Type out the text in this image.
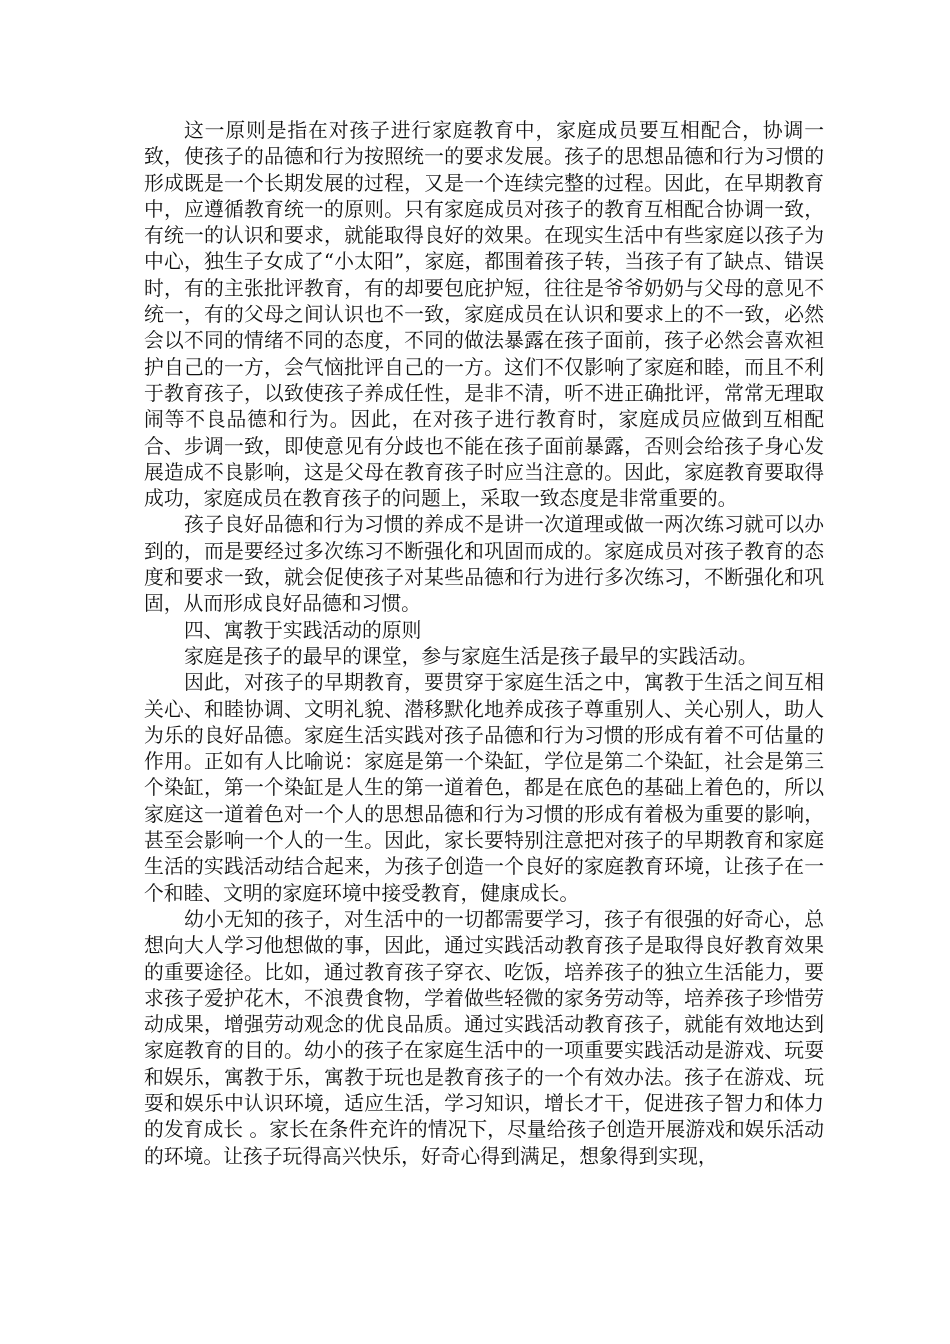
这一原则是指在对孩子进行家庭教育中，家庭成员要互相配合，协调一致，使孩子的品德和行为按照统一的要求发展。孩子的思想品德和行为习惯的形成既是一个长期发展的过程，又是一个连续完整的过程。因此，在早期教育中，应遵循教育统一的原则。只有家庭成员对孩子的教育互相配合协调一致，有统一的认识和要求，就能取得良好的效果。在现实生活中有些家庭以孩子为中心，独生子女成了“小太阳”，家庭，都围着孩子转，当孩子有了缺点、错误时，有的主张批评教育，有的却要包庇护短，往往是爷爷奶奶与父母的意见不统一，有的父母之间认识也不一致，家庭成员在认识和要求上的不一致，必然会以不同的情绪不同的态度，不同的做法暴露在孩子面前，孩子必然会喜欢袒护自己的一方，会气恼批评自己的一方。这们不仅影响了家庭和睦，而且不利于教育孩子，以致使孩子养成任性，是非不清，听不进正确批评，常常无理取闹等不良品德和行为。因此，在对孩子进行教育时，家庭成员应做到互相配合、步调一致，即使意见有分歧也不能在孩子面前暴露，否则会给孩子身心发展造成不良影响，这是父母在教育孩子时应当注意的。因此，家庭教育要取得成功，家庭成员在教育孩子的问题上，采取一致态度是非常重要的。

孩子良好品德和行为习惯的养成不是讲一次道理或做一两次练习就可以办到的，而是要经过多次练习不断强化和巩固而成的。家庭成员对孩子教育的态度和要求一致，就会促使孩子对某些品德和行为进行多次练习，不断强化和巩固，从而形成良好品德和习惯。

四、寓教于实践活动的原则

家庭是孩子的最早的课堂，参与家庭生活是孩子最早的实践活动。

因此，对孩子的早期教育，要贯穿于家庭生活之中，寓教于生活之间互相关心、和睦协调、文明礼貌、潜移默化地养成孩子尊重别人、关心别人，助人为乐的良好品德。家庭生活实践对孩子品德和行为习惯的形成有着不可估量的作用。正如有人比喻说：家庭是第一个染缸，学位是第二个染缸，社会是第三个染缸，第一个染缸是人生的第一道着色，都是在底色的基础上着色的，所以家庭这一道着色对一个人的思想品德和行为习惯的形成有着极为重要的影响，甚至会影响一个人的一生。因此，家长要特别注意把对孩子的早期教育和家庭生活的实践活动结合起来，为孩子创造一个良好的家庭教育环境，让孩子在一个和睦、文明的家庭环境中接受教育，健康成长。

幼小无知的孩子，对生活中的一切都需要学习，孩子有很强的好奇心，总想向大人学习他想做的事，因此，通过实践活动教育孩子是取得良好教育效果的重要途径。比如，通过教育孩子穿衣、吃饭，培养孩子的独立生活能力，要求孩子爱护花木，不浪费食物，学着做些轻微的家务劳动等，培养孩子珍惜劳动成果，增强劳动观念的优良品质。通过实践活动教育孩子，就能有效地达到家庭教育的目的。幼小的孩子在家庭生活中的一项重要实践活动是游戏、玩耍和娱乐，寓教于乐，寓教于玩也是教育孩子的一个有效办法。孩子在游戏、玩耍和娱乐中认识环境，适应生活，学习知识，增长才干，促进孩子智力和体力的发育成长 。家长在条件充许的情况下，尽量给孩子创造开展游戏和娱乐活动的环境。让孩子玩得高兴快乐，好奇心得到满足，想象得到实现，
